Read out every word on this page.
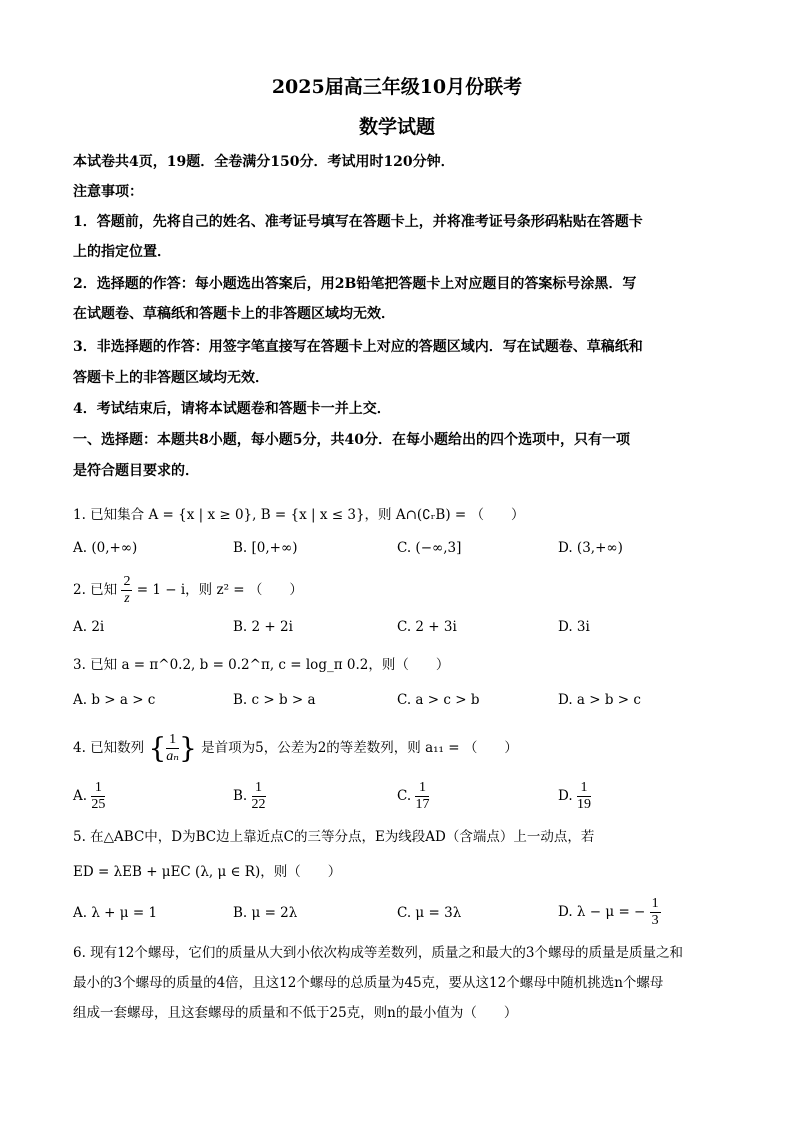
2025届高三年级10月份联考
数学试题
本试卷共4页，19题．全卷满分150分．考试用时120分钟．
注意事项：
1．答题前，先将自己的姓名、准考证号填写在答题卡上，并将准考证号条形码粘贴在答题卡
上的指定位置．
2．选择题的作答：每小题选出答案后，用2B铅笔把答题卡上对应题目的答案标号涂黑．写
在试题卷、草稿纸和答题卡上的非答题区域均无效．
3．非选择题的作答：用签字笔直接写在答题卡上对应的答题区域内．写在试题卷、草稿纸和
答题卡上的非答题区域均无效．
4．考试结束后，请将本试题卷和答题卡一并上交．
一、选择题：本题共8小题，每小题5分，共40分．在每小题给出的四个选项中，只有一项
是符合题目要求的．
1. 已知集合 A = {x | x ≥ 0}, B = {x | x ≤ 3}，则 A∩(∁ᵣB) = （　　）
A. (0,+∞)	B. [0,+∞)	C. (−∞,3]	D. (3,+∞)
2. 已知 $\frac{2}{z} = 1 - i$，则 z² = （　　）
A. 2i	B. 2 + 2i	C. 2 + 3i	D. 3i
3. 已知 a = π^0.2, b = 0.2^π, c = log_π 0.2，则（　　）
A. b > a > c	B. c > b > a	C. a > c > b	D. a > b > c
4. 已知数列 { $\frac{1}{\text{aₙ}}$ } 是首项为5，公差为2的等差数列，则 a₁₁ = （　　）
A. $\frac{1}{25}$	B. $\frac{1}{22}$	C. $\frac{1}{17}$	D. $\frac{1}{19}$
5. 在△ABC中，D为BC边上靠近点C的三等分点，E为线段AD（含端点）上一动点，若
ED = λEB + μEC (λ, μ ∈ R)，则（　　）
A. λ + μ = 1	B. μ = 2λ	C. μ = 3λ	D. λ − μ = − $\frac{1}{3}$
6. 现有12个螺母，它们的质量从大到小依次构成等差数列，质量之和最大的3个螺母的质量是质量之和
最小的3个螺母的质量的4倍，且这12个螺母的总质量为45克，要从这12个螺母中随机挑选n个螺母
组成一套螺母，且这套螺母的质量和不低于25克，则n的最小值为（　　）
